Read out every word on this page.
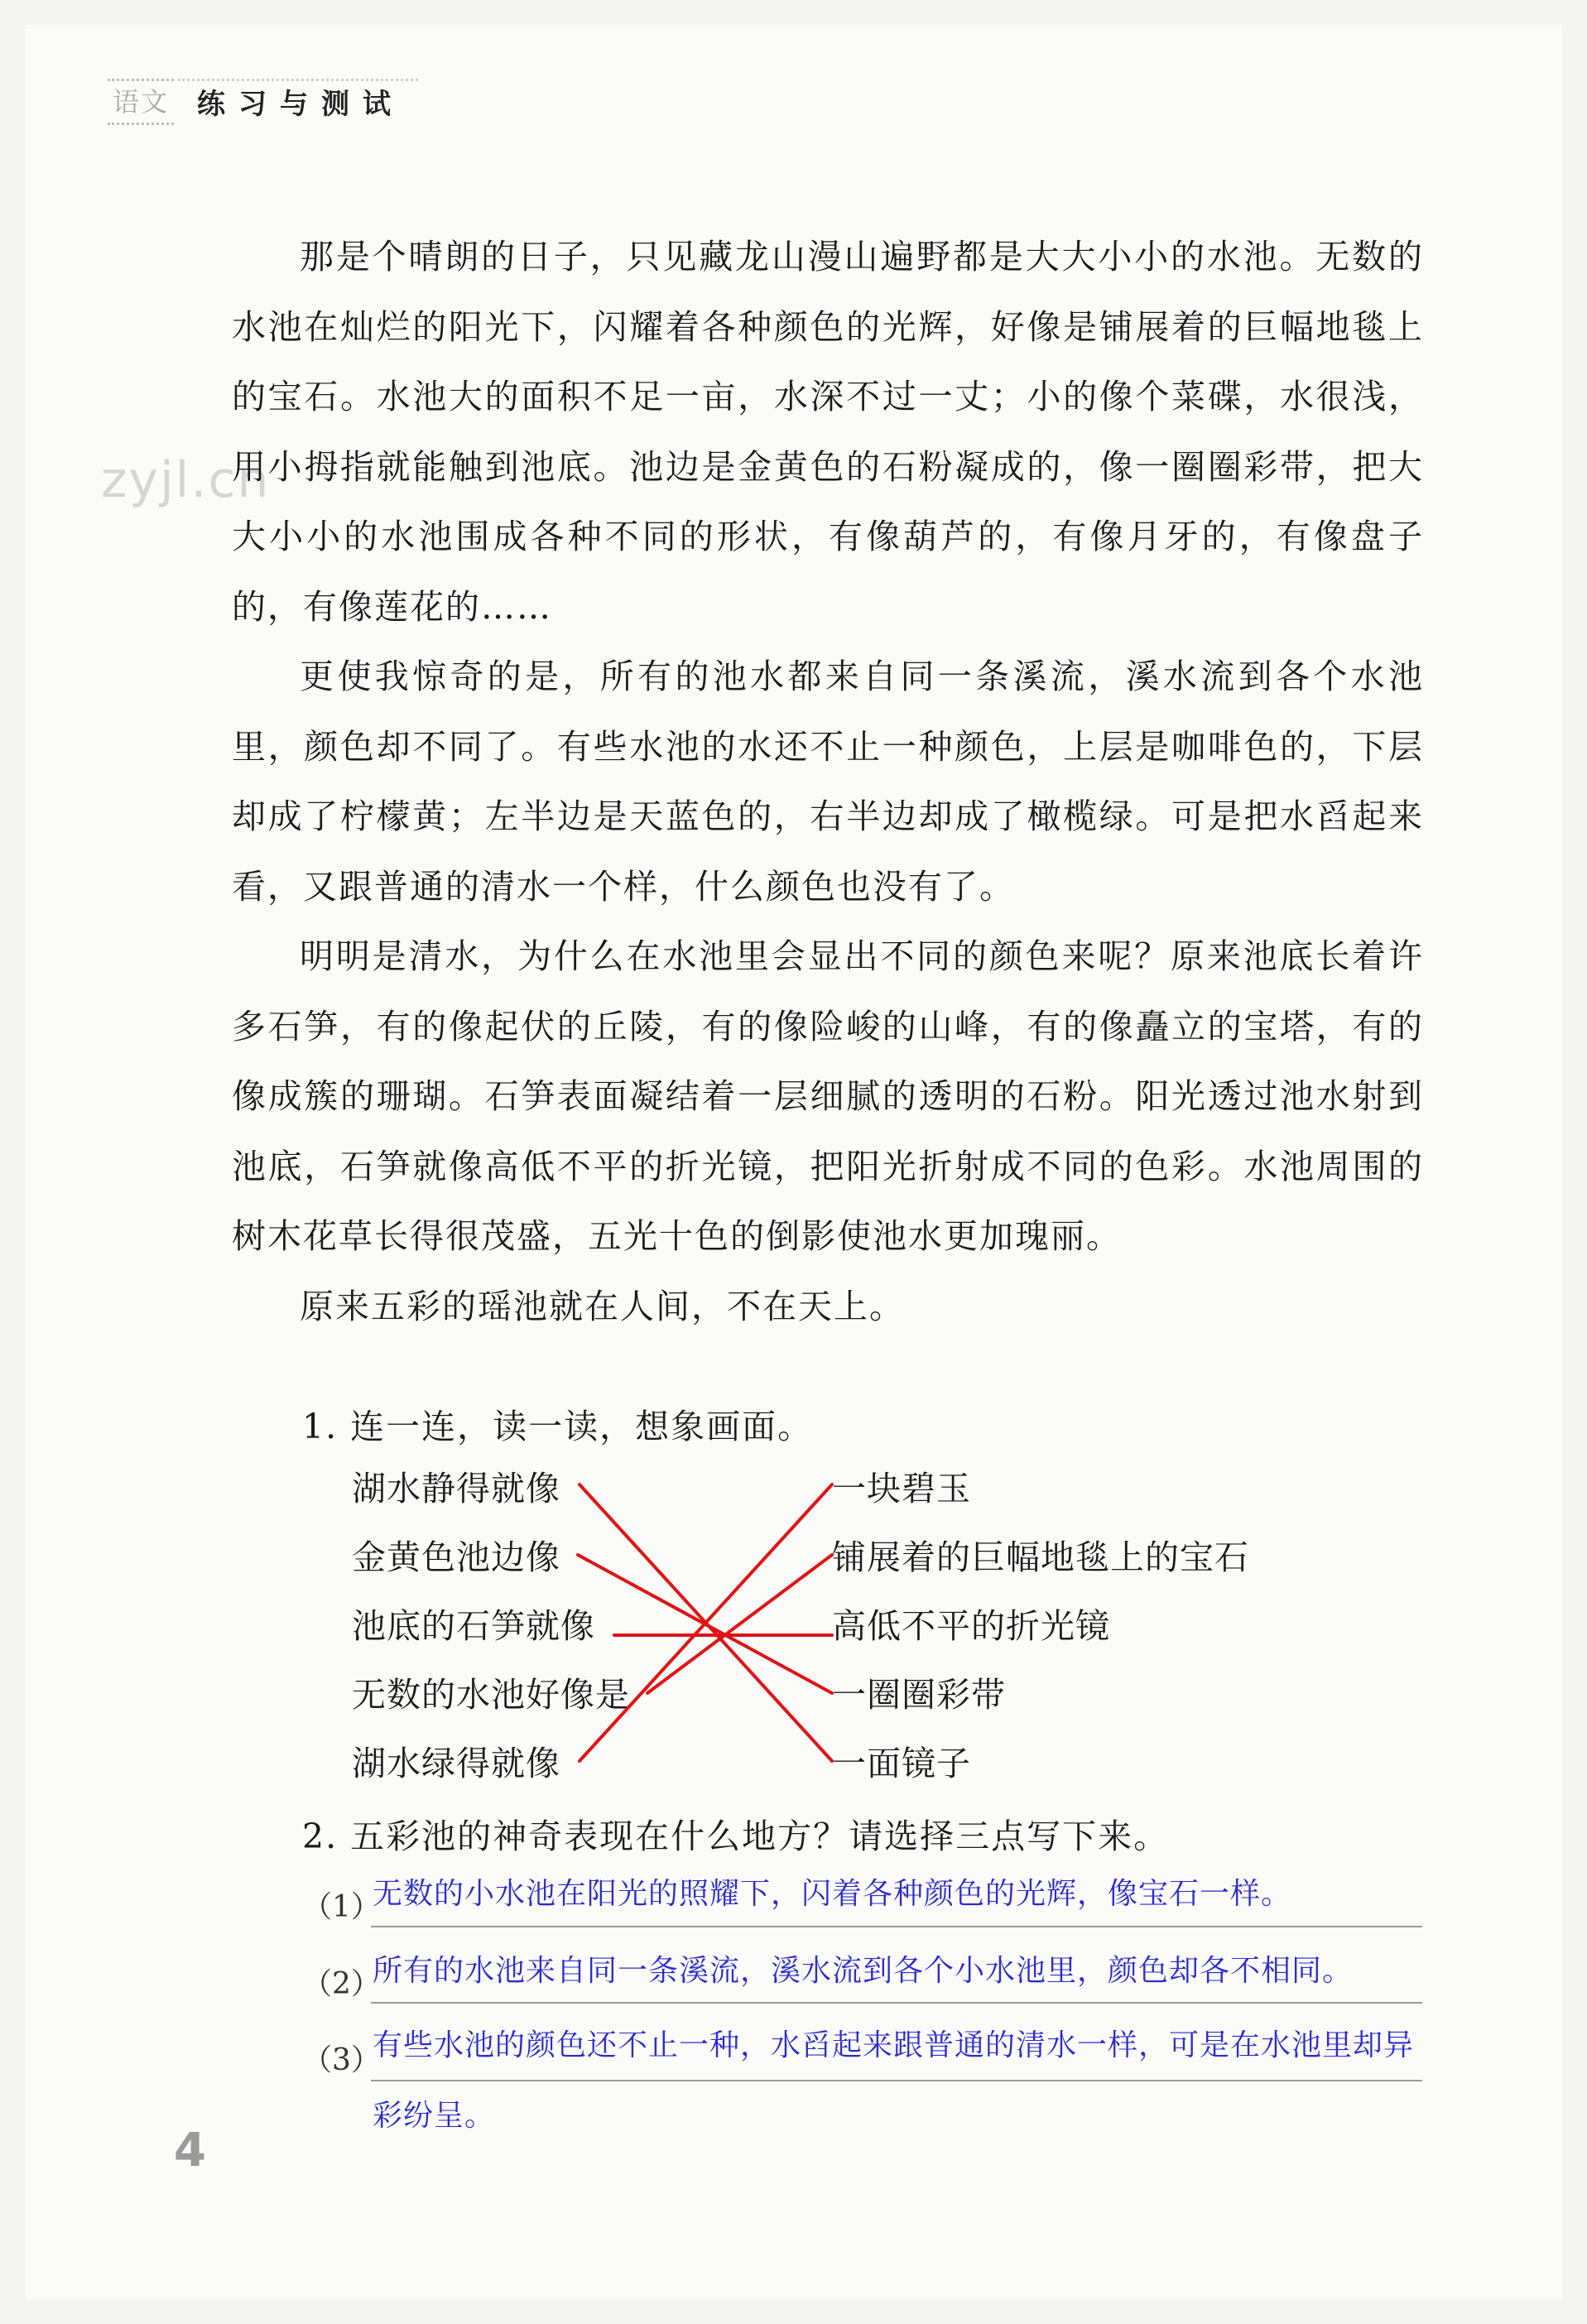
语文 练习与测试
zyjl.cn

那是个晴朗的日子，只见藏龙山漫山遍野都是大大小小的水池。无数的水池在灿烂的阳光下，闪耀着各种颜色的光辉，好像是铺展着的巨幅地毯上的宝石。水池大的面积不足一亩，水深不过一丈；小的像个菜碟，水很浅，用小拇指就能触到池底。池边是金黄色的石粉凝成的，像一圈圈彩带，把大大小小的水池围成各种不同的形状，有像葫芦的，有像月牙的，有像盘子的，有像莲花的……

更使我惊奇的是，所有的池水都来自同一条溪流，溪水流到各个水池里，颜色却不同了。有些水池的水还不止一种颜色，上层是咖啡色的，下层却成了柠檬黄；左半边是天蓝色的，右半边却成了橄榄绿。可是把水舀起来看，又跟普通的清水一个样，什么颜色也没有了。

明明是清水，为什么在水池里会显出不同的颜色来呢？原来池底长着许多石笋，有的像起伏的丘陵，有的像险峻的山峰，有的像矗立的宝塔，有的像成簇的珊瑚。石笋表面凝结着一层细腻的透明的石粉。阳光透过池水射到池底，石笋就像高低不平的折光镜，把阳光折射成不同的色彩。水池周围的树木花草长得很茂盛，五光十色的倒影使池水更加瑰丽。

原来五彩的瑶池就在人间，不在天上。

1. 连一连，读一读，想象画面。
湖水静得就像
金黄色池边像
池底的石笋就像
无数的水池好像是
湖水绿得就像
一块碧玉
铺展着的巨幅地毯上的宝石
高低不平的折光镜
一圈圈彩带
一面镜子
2. 五彩池的神奇表现在什么地方？请选择三点写下来。
（1）
无数的小水池在阳光的照耀下，闪着各种颜色的光辉，像宝石一样。
（2）
所有的水池来自同一条溪流，溪水流到各个小水池里，颜色却各不相同。
（3）
有些水池的颜色还不止一种，水舀起来跟普通的清水一样，可是在水池里却异彩纷呈。
4
